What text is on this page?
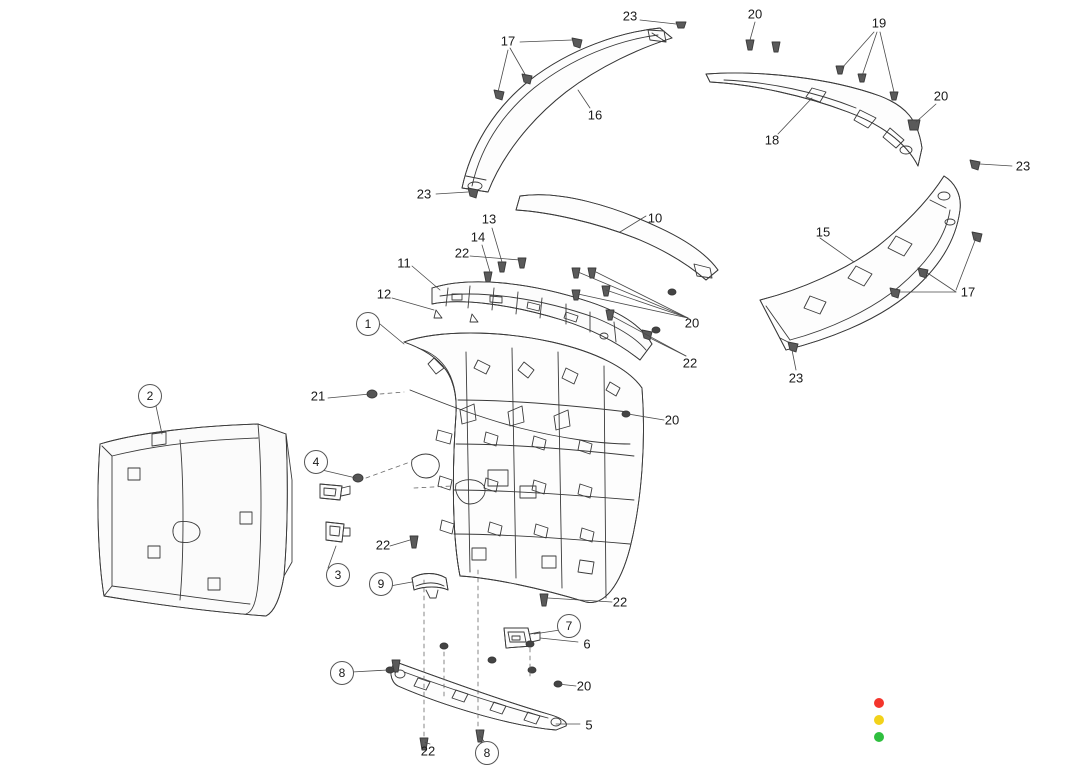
23	20
19
17
20
16
18
23
23
13	10
15
14
22
11
17
12
20
1
22
23
2	21
20
4
22
3
9
22
7
6
8
20
5
22	8
